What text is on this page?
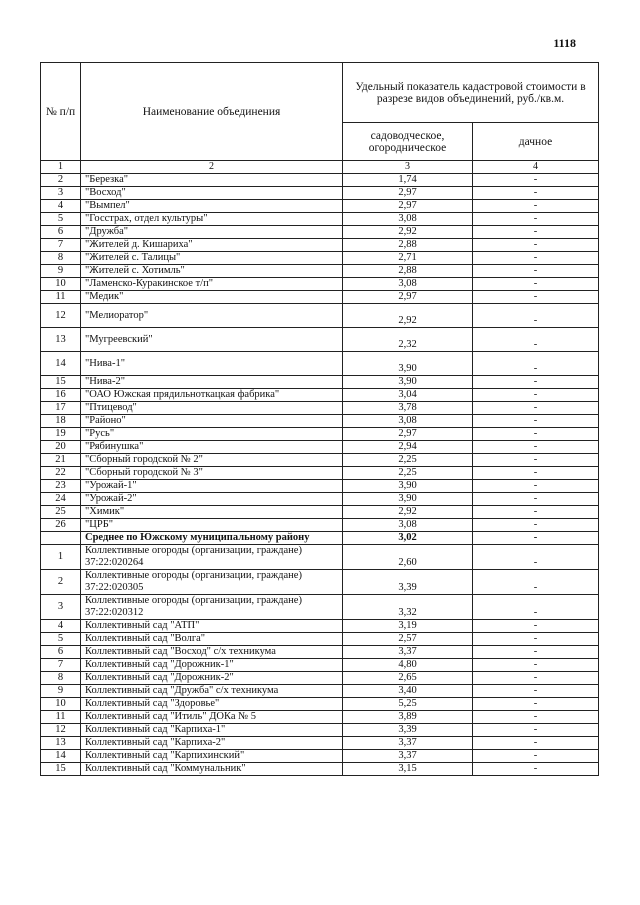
1118
№ п/п	Наименование объединения	Удельный показатель кадастровой стоимости в разрезе видов объединений, руб./кв.м.	
		садоводческое, огородническое	дачное
1	2	3	4
2	"Березка"	1,74	-
3	"Восход"	2,97	-
4	"Вымпел"	2,97	-
5	"Госстрах, отдел культуры"	3,08	-
6	"Дружба"	2,92	-
7	"Жителей д. Кишариха"	2,88	-
8	"Жителей с. Талицы"	2,71	-
9	"Жителей с. Хотимль"	2,88	-
10	"Ламенско-Куракинское т/п"	3,08	-
11	"Медик"	2,97	-
12	"Мелиоратор"	2,92	-
13	"Мугреевский"	2,32	-
14	"Нива-1"	3,90	-
15	"Нива-2"	3,90	-
16	"ОАО Южская прядильноткацкая фабрика"	3,04	-
17	"Птицевод"	3,78	-
18	"Районо"	3,08	-
19	"Русь"	2,97	-
20	"Рябинушка"	2,94	-
21	"Сборный городской № 2"	2,25	-
22	"Сборный городской № 3"	2,25	-
23	"Урожай-1"	3,90	-
24	"Урожай-2"	3,90	-
25	"Химик"	2,92	-
26	"ЦРБ"	3,08	-
	Среднее по Южскому муниципальному району	3,02	-
1	Коллективные огороды (организации, граждане) 37:22:020264	2,60	-
2	Коллективные огороды (организации, граждане) 37:22:020305	3,39	-
3	Коллективные огороды (организации, граждане) 37:22:020312	3,32	-
4	Коллективный сад "АТП"	3,19	-
5	Коллективный сад "Волга"	2,57	-
6	Коллективный сад "Восход" с/х техникума	3,37	-
7	Коллективный сад "Дорожник-1"	4,80	-
8	Коллективный сад "Дорожник-2"	2,65	-
9	Коллективный сад "Дружба" с/х техникума	3,40	-
10	Коллективный сад "Здоровье"	5,25	-
11	Коллективный сад "Итиль" ДОКа № 5	3,89	-
12	Коллективный сад "Карпиха-1"	3,39	-
13	Коллективный сад "Карпиха-2"	3,37	-
14	Коллективный сад "Карпихинский"	3,37	-
15	Коллективный сад "Коммунальник"	3,15	-
